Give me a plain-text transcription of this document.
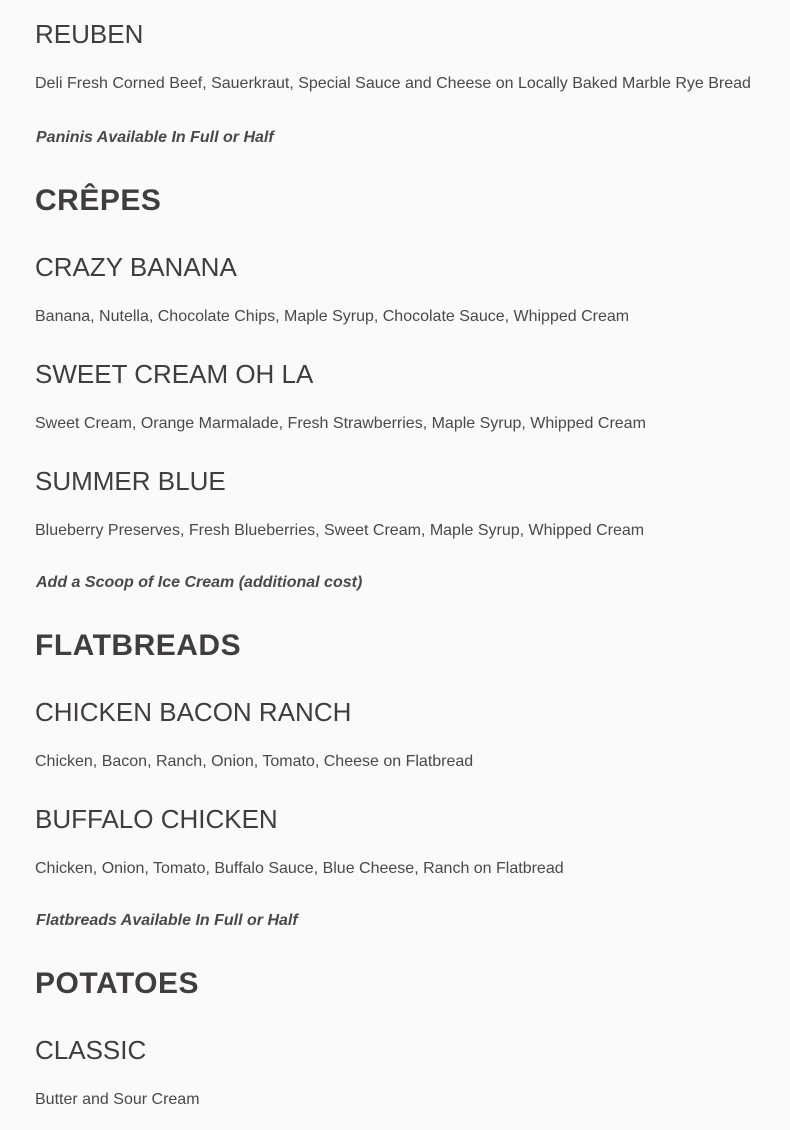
REUBEN

Deli Fresh Corned Beef, Sauerkraut, Special Sauce and Cheese on Locally Baked Marble Rye Bread

Paninis Available In Full or Half

CRÊPES
CRAZY BANANA

Banana, Nutella, Chocolate Chips, Maple Syrup, Chocolate Sauce, Whipped Cream

SWEET CREAM OH LA

Sweet Cream, Orange Marmalade, Fresh Strawberries, Maple Syrup, Whipped Cream

SUMMER BLUE

Blueberry Preserves, Fresh Blueberries, Sweet Cream, Maple Syrup, Whipped Cream

Add a Scoop of Ice Cream (additional cost)

FLATBREADS
CHICKEN BACON RANCH

Chicken, Bacon, Ranch, Onion, Tomato, Cheese on Flatbread

BUFFALO CHICKEN

Chicken, Onion, Tomato, Buffalo Sauce, Blue Cheese, Ranch on Flatbread

Flatbreads Available In Full or Half

POTATOES
CLASSIC

Butter and Sour Cream
